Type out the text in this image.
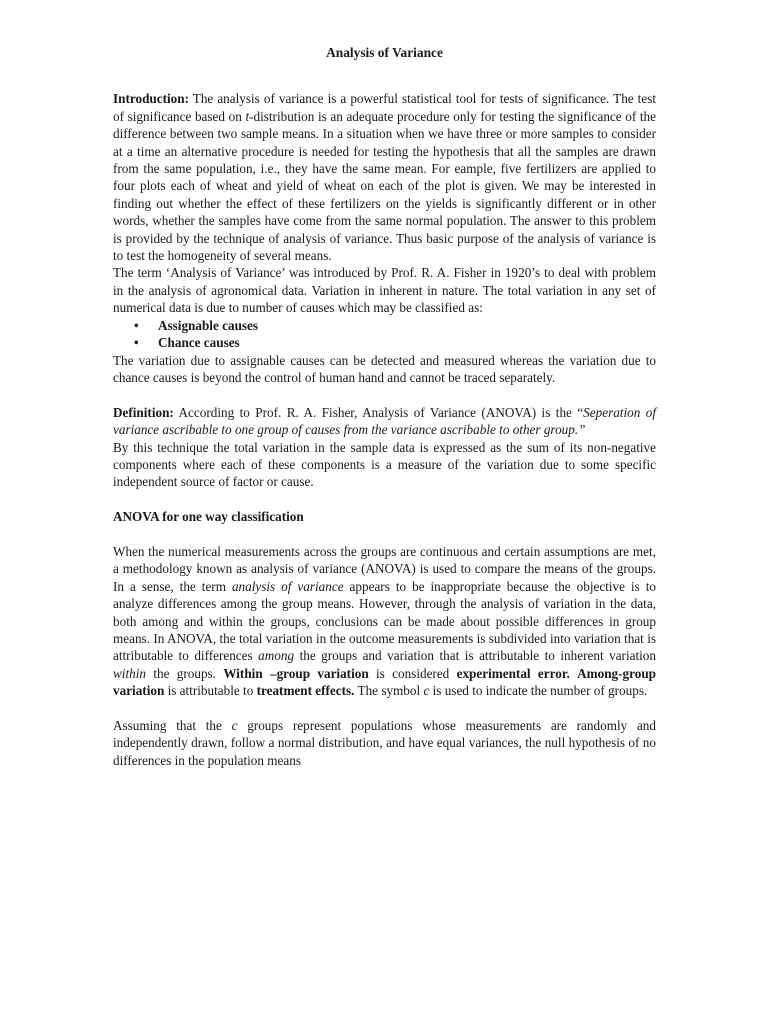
Analysis of Variance

Introduction: The analysis of variance is a powerful statistical tool for tests of significance. The test of significance based on t-distribution is an adequate procedure only for testing the significance of the difference between two sample means. In a situation when we have three or more samples to consider at a time an alternative procedure is needed for testing the hypothesis that all the samples are drawn from the same population, i.e., they have the same mean. For eample, five fertilizers are applied to four plots each of wheat and yield of wheat on each of the plot is given. We may be interested in finding out whether the effect of these fertilizers on the yields is significantly different or in other words, whether the samples have come from the same normal population. The answer to this problem is provided by the technique of analysis of variance. Thus basic purpose of the analysis of variance is to test the homogeneity of several means.

The term ‘Analysis of Variance’ was introduced by Prof. R. A. Fisher in 1920’s to deal with problem in the analysis of agronomical data. Variation in inherent in nature. The total variation in any set of numerical data is due to number of causes which may be classified as:

• Assignable causes
• Chance causes

The variation due to assignable causes can be detected and measured whereas the variation due to chance causes is beyond the control of human hand and cannot be traced separately.

Definition: According to Prof. R. A. Fisher, Analysis of Variance (ANOVA) is the “Seperation of variance ascribable to one group of causes from the variance ascribable to other group.”

By this technique the total variation in the sample data is expressed as the sum of its non-negative components where each of these components is a measure of the variation due to some specific independent source of factor or cause.

ANOVA for one way classification

When the numerical measurements across the groups are continuous and certain assumptions are met, a methodology known as analysis of variance (ANOVA) is used to compare the means of the groups. In a sense, the term analysis of variance appears to be inappropriate because the objective is to analyze differences among the group means. However, through the analysis of variation in the data, both among and within the groups, conclusions can be made about possible differences in group means. In ANOVA, the total variation in the outcome measurements is subdivided into variation that is attributable to differences among the groups and variation that is attributable to inherent variation within the groups. Within –group variation is considered experimental error. Among-group variation is attributable to treatment effects. The symbol c is used to indicate the number of groups.

Assuming that the c groups represent populations whose measurements are randomly and independently drawn, follow a normal distribution, and have equal variances, the null hypothesis of no differences in the population means
